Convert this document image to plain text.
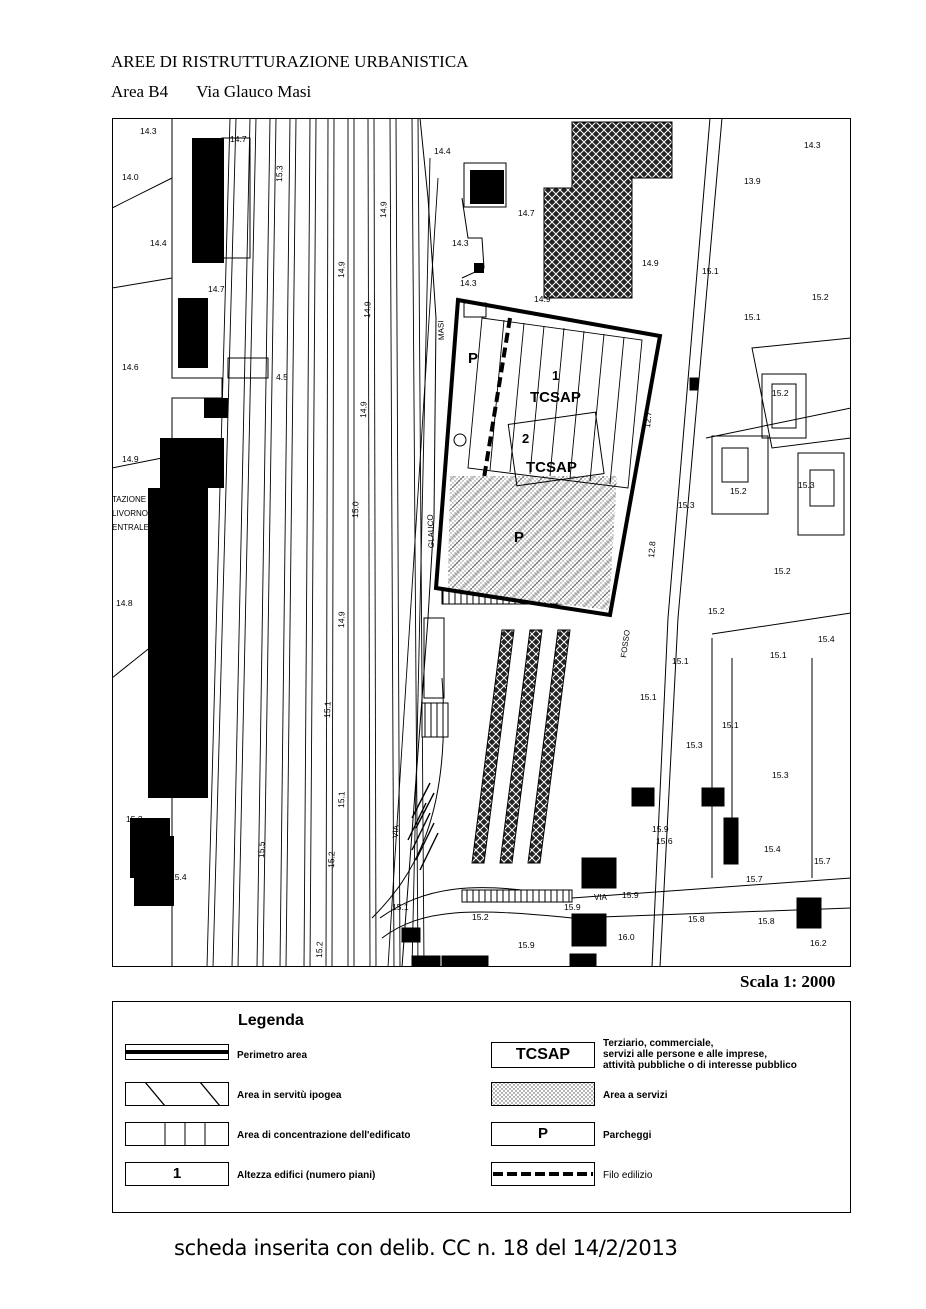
AREE DI RISTRUTTURAZIONE URBANISTICA
Area B4 Via Glauco Masi
14.3
14.7
14.0
14.4
14.7
14.6
14.9
14.8
15.3
15.4
4.5
14.4
14.7
14.3
14.3
14.9
14.9
14.3
13.9
15.1
15.2
15.1
15.2
15.2
15.3
15.3
15.2
15.2
15.4
15.1
15.1
15.1
15.1
15.3
15.3
15.9
15.6
15.4
15.7
15.7
15.9
15.9
16.0
15.8	15.8
16.2
15.1
15.2
15.9
15.3
14.9
14.9
14.9
14.9
15.0
14.9
15.1
15.1
15.2
15.5
15.2
12.7
12.8
TAZIONE
LIVORNO
ENTRALE
MASI
GLAUCO
VIA
VIA
FOSSO
P
P
1
TCSAP
2
TCSAP
Scala 1: 2000
Legenda
Perimetro area
Area in servitù ipogea
Area di concentrazione dell'edificato
1	Altezza edifici (numero piani)
TCSAP
Terziario, commerciale,
servizi alle persone e alle imprese,
attività pubbliche o di interesse pubblico
Area a servizi
P	Parcheggi
Filo edilizio
scheda inserita con delib. CC n. 18 del 14/2/2013
